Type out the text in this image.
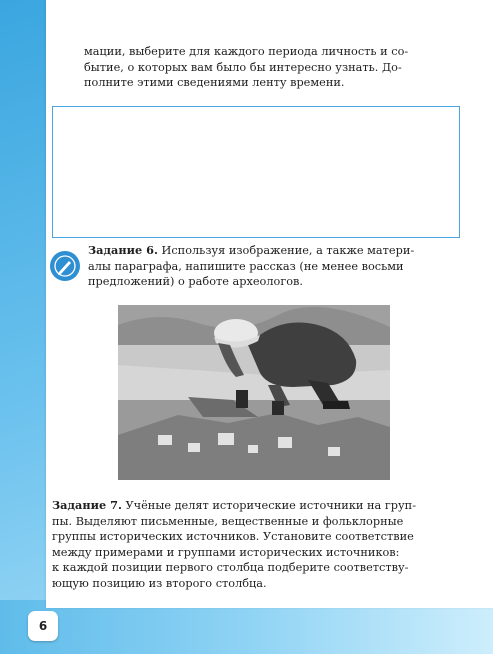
мации, выберите для каждого периода личность и со-
бытие, о которых вам было бы интересно узнать. До-
полните этими сведениями ленту времени.
Задание 6. Используя изображение, а также матери-
алы параграфа, напишите рассказ (не менее восьми
предложений) о работе археологов.
Задание 7. Учёные делят исторические источники на груп-
пы. Выделяют письменные, вещественные и фольклорные
группы исторических источников. Установите соответствие
между примерами и группами исторических источников:
к каждой позиции первого столбца подберите соответству-
ющую позицию из второго столбца.
6
